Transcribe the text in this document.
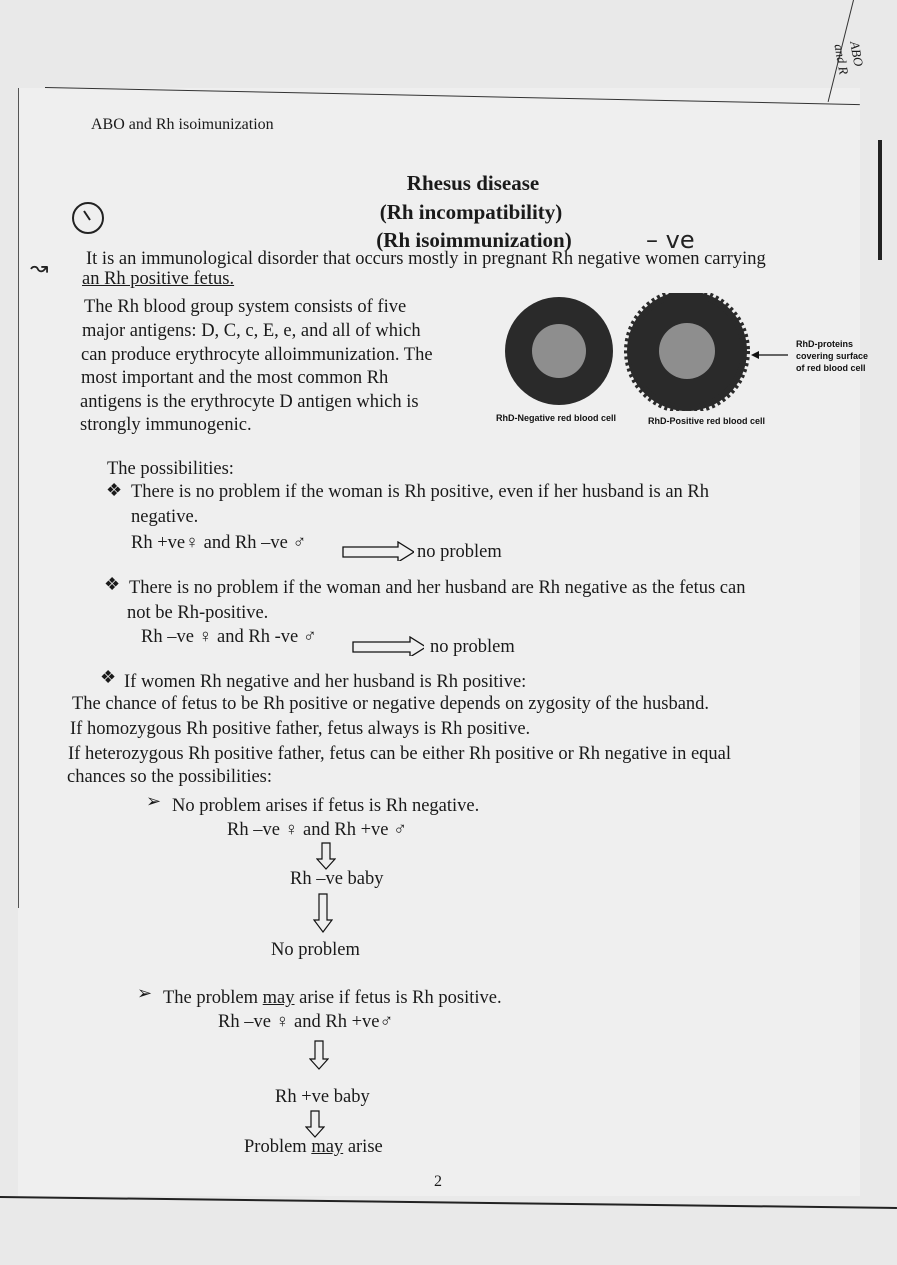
ABO and R
ABO and Rh isoimunization
Rhesus disease
(Rh incompatibility)
(Rh isoimmunization)	– ve
↝ It is an immunological disorder that occurs mostly in pregnant Rh negative women carrying
an Rh positive fetus.
The Rh blood group system consists of five
major antigens: D, C, c, E, e, and all of which
can produce erythrocyte alloimmunization. The
most important and the most common Rh
antigens is the erythrocyte D antigen which is
strongly immunogenic.
RhD-proteins
covering surface
of red blood cell
RhD-Negative red blood cell	RhD-Positive red blood cell
The possibilities:
❖ There is no problem if the woman is Rh positive, even if her husband is an Rh
negative.
Rh +ve♀ and Rh –ve ♂	no problem
❖ There is no problem if the woman and her husband are Rh negative as the fetus can
not be Rh-positive.
Rh –ve ♀ and Rh -ve ♂	no problem
❖ If women Rh negative and her husband is Rh positive:
The chance of fetus to be Rh positive or negative depends on zygosity of the husband.
If homozygous Rh positive father, fetus always is Rh positive.
If heterozygous Rh positive father, fetus can be either Rh positive or Rh negative in equal
chances so the possibilities:
➢ No problem arises if fetus is Rh negative.
Rh –ve ♀ and Rh +ve ♂
Rh –ve baby
No problem
➢ The problem may arise if fetus is Rh positive.
Rh –ve ♀ and Rh +ve♂
Rh +ve baby
Problem may arise
2
